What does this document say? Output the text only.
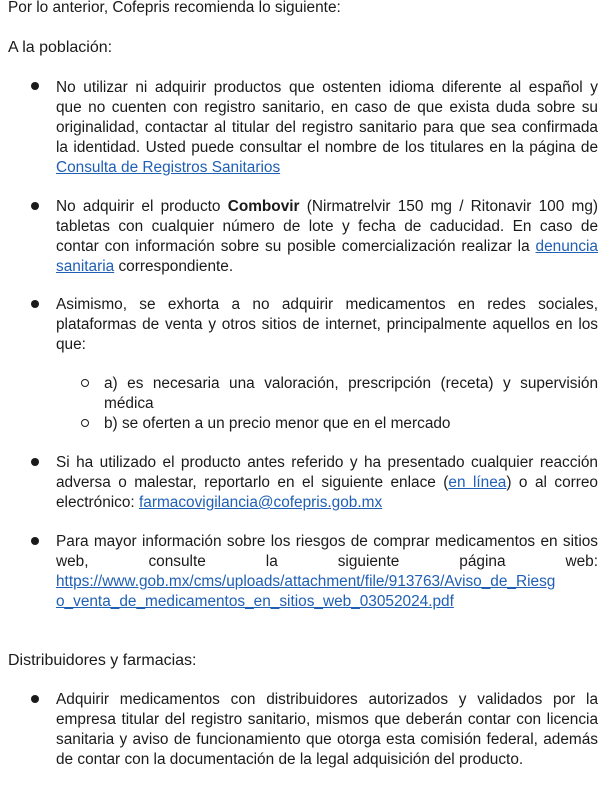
Por lo anterior, Cofepris recomienda lo siguiente:
A la población:
No utilizar ni adquirir productos que ostenten idioma diferente al español y
que no cuenten con registro sanitario, en caso de que exista duda sobre su
originalidad, contactar al titular del registro sanitario para que sea confirmada
la identidad. Usted puede consultar el nombre de los titulares en la página de
Consulta de Registros Sanitarios
No adquirir el producto Combovir (Nirmatrelvir 150 mg / Ritonavir 100 mg)
tabletas con cualquier número de lote y fecha de caducidad. En caso de
contar con información sobre su posible comercialización realizar la denuncia
sanitaria correspondiente.
Asimismo, se exhorta a no adquirir medicamentos en redes sociales,
plataformas de venta y otros sitios de internet, principalmente aquellos en los
que:
a) es necesaria una valoración, prescripción (receta) y supervisión
médica
b) se oferten a un precio menor que en el mercado
Si ha utilizado el producto antes referido y ha presentado cualquier reacción
adversa o malestar, reportarlo en el siguiente enlace (en línea) o al correo
electrónico: farmacovigilancia@cofepris.gob.mx
Para mayor información sobre los riesgos de comprar medicamentos en sitios
web,        consulte        la        siguiente        página        web:
https://www.gob.mx/cms/uploads/attachment/file/913763/Aviso_de_Riesg
o_venta_de_medicamentos_en_sitios_web_03052024.pdf
Distribuidores y farmacias:
Adquirir medicamentos con distribuidores autorizados y validados por la
empresa titular del registro sanitario, mismos que deberán contar con licencia
sanitaria y aviso de funcionamiento que otorga esta comisión federal, además
de contar con la documentación de la legal adquisición del producto.
